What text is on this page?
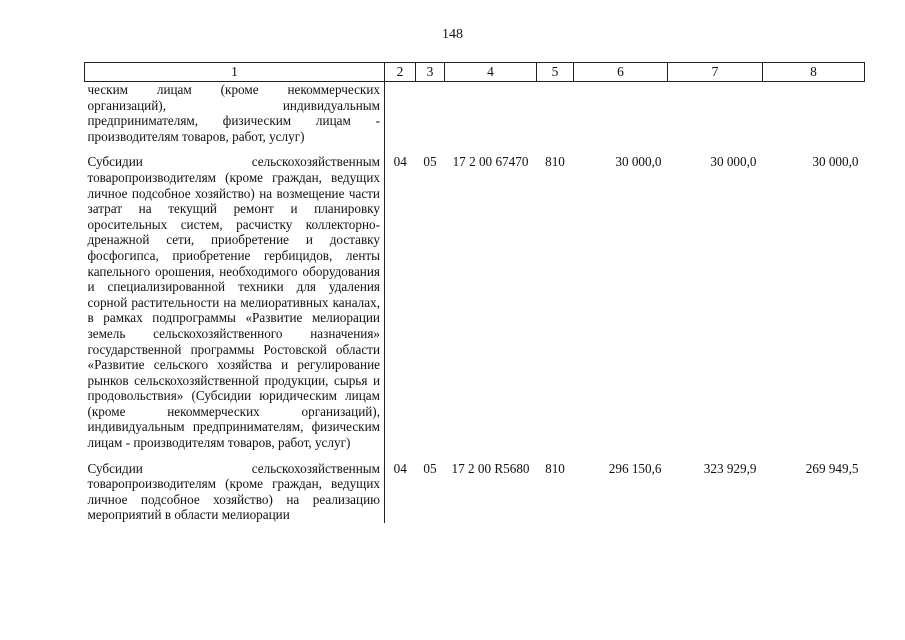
148
1	2	3	4	5	6	7	8
ческим лицам (кроме некоммерческих организаций), индивидуальным предпринимателям, физическим лицам - производителям товаров, работ, услуг)							
Субсидии сельскохозяйственным товаропроизводителям (кроме граждан, ведущих личное подсобное хозяйство) на возмещение части затрат на текущий ремонт и планировку оросительных систем, расчистку коллекторно-дренажной сети, приобретение и доставку фосфогипса, приобретение гербицидов, ленты капельного орошения, необходимого оборудования и специализированной техники для удаления сорной растительности на мелиоративных каналах, в рамках подпрограммы «Развитие мелиорации земель сельскохозяйственного назначения» государственной программы Ростовской области «Развитие сельского хозяйства и регулирование рынков сельскохозяйственной продукции, сырья и продовольствия» (Субсидии юридическим лицам (кроме некоммерческих организаций), индивидуальным предпринимателям, физическим лицам - производителям товаров, работ, услуг)	04	05	17 2 00 67470	810	30 000,0	30 000,0	30 000,0
Субсидии сельскохозяйственным товаропроизводителям (кроме граждан, ведущих личное подсобное хозяйство) на реализацию мероприятий в области мелиорации	04	05	17 2 00 R5680	810	296 150,6	323 929,9	269 949,5
